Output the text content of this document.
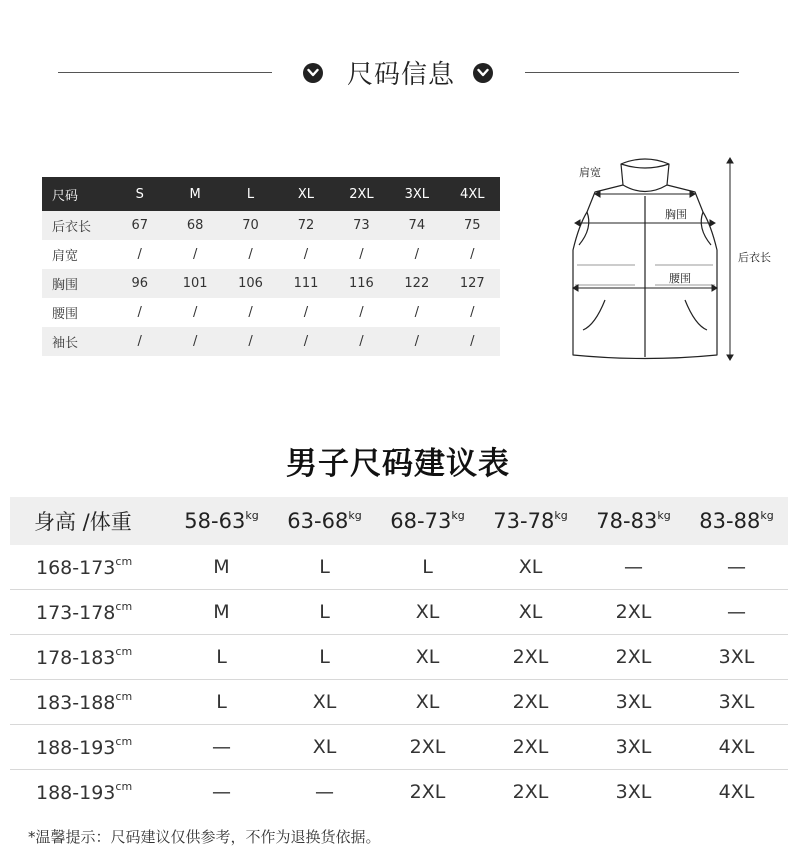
尺码信息
尺码	S	M	L	XL	2XL	3XL	4XL
后衣长	67	68	70	72	73	74	75
肩宽	/	/	/	/	/	/	/
胸围	96	101	106	111	116	122	127
腰围	/	/	/	/	/	/	/
袖长	/	/	/	/	/	/	/
肩宽
胸围
腰围
后衣长
男子尺码建议表
身高 /体重	$58-63^{kg}$	$63-68^{kg}$	$68-73^{kg}$	$73-78^{kg}$	$78-83^{kg}$	$83-88^{kg}$
$168-173^{cm}$	M	L	L	XL	—	—
$173-178^{cm}$	M	L	XL	XL	2XL	—
$178-183^{cm}$	L	L	XL	2XL	2XL	3XL
$183-188^{cm}$	L	XL	XL	2XL	3XL	3XL
$188-193^{cm}$	—	XL	2XL	2XL	3XL	4XL
$188-193^{cm}$	—	—	2XL	2XL	3XL	4XL
*温馨提示：尺码建议仅供参考，不作为退换货依据。
